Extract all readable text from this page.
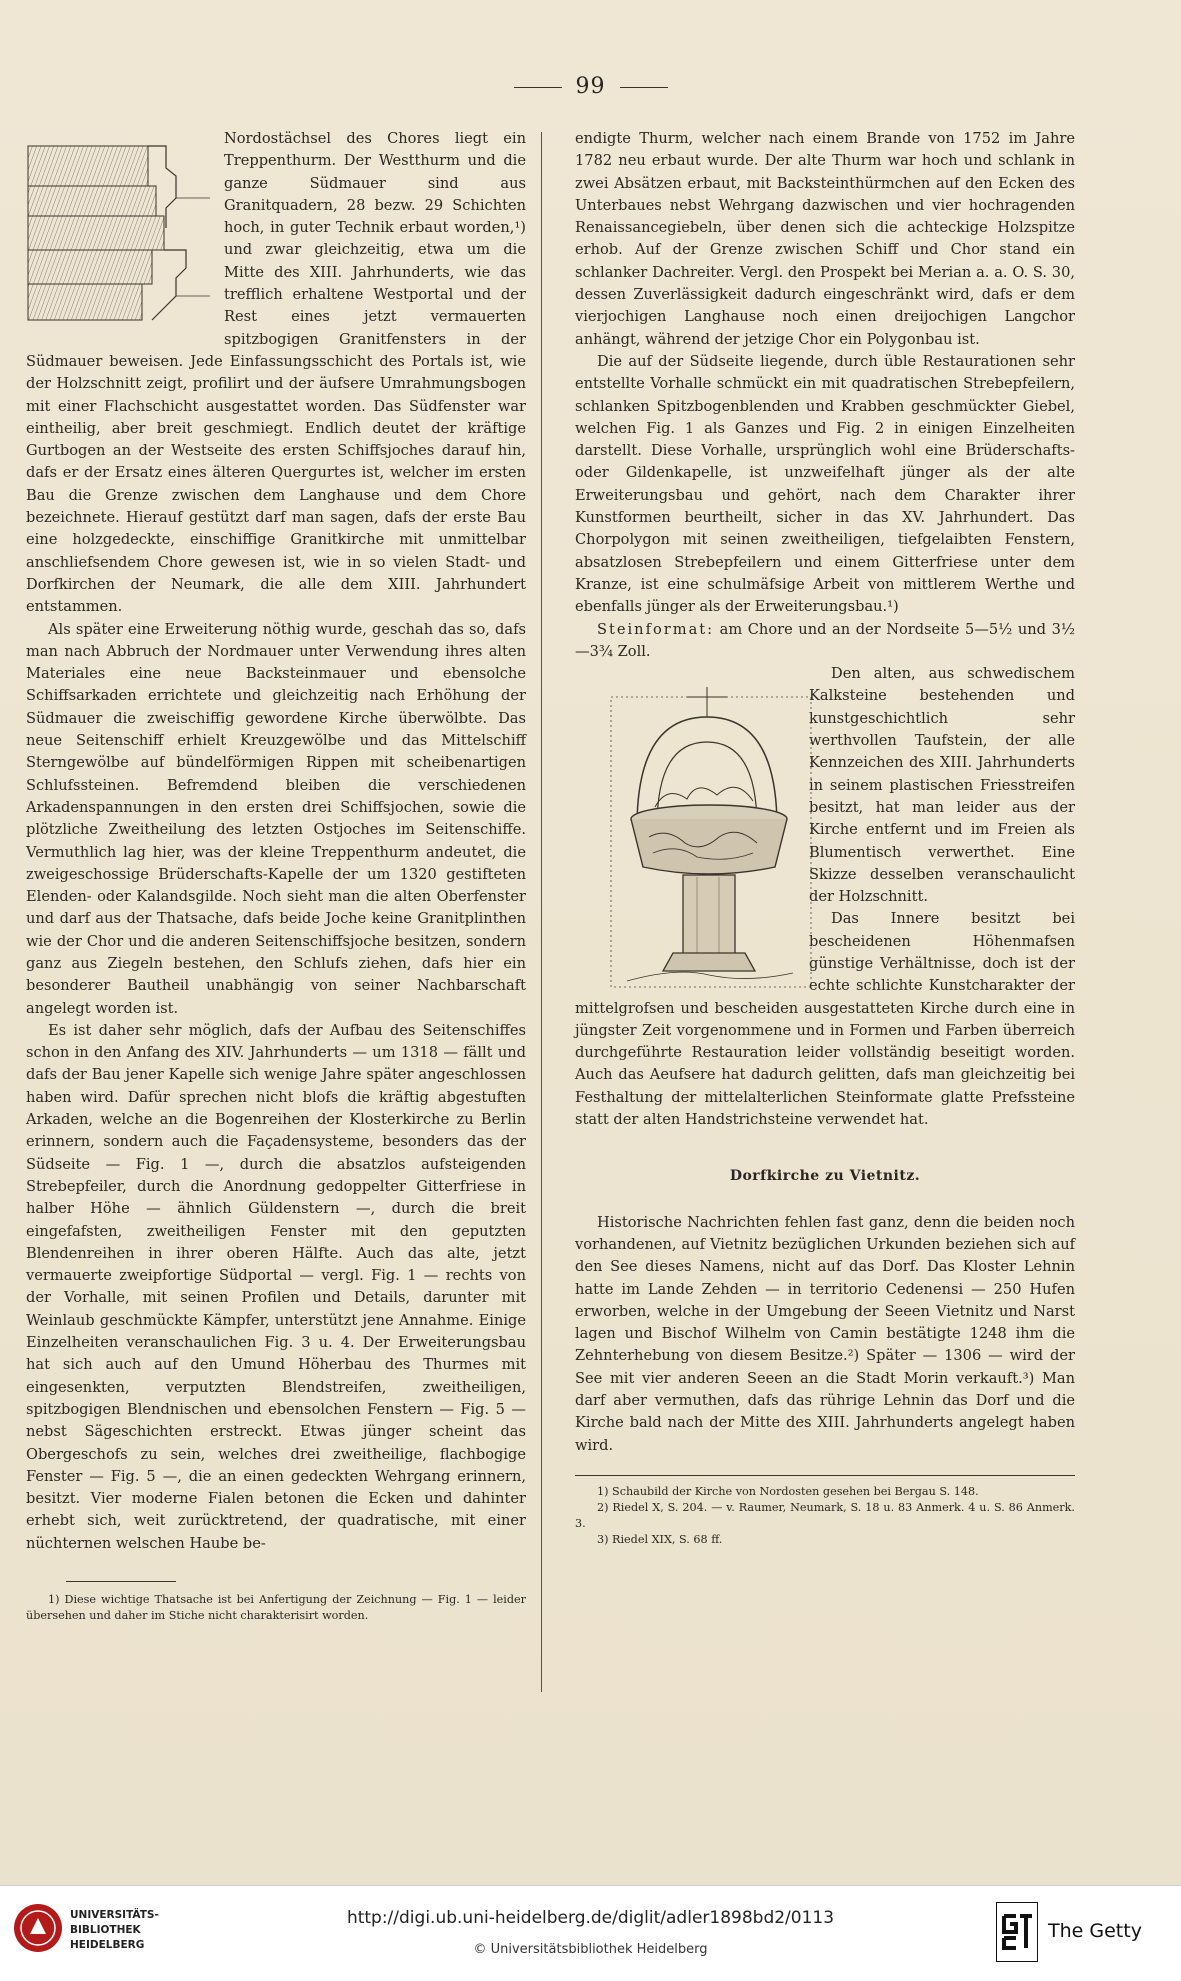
99

Nordostächsel des Chores liegt ein Treppenthurm. Der Westthurm und die ganze Südmauer sind aus Granitquadern, 28 bezw. 29 Schichten hoch, in guter Technik erbaut worden,¹) und zwar gleichzeitig, etwa um die Mitte des XIII. Jahrhunderts, wie das trefflich erhaltene Westportal und der Rest eines jetzt vermauerten spitzbogigen Granitfensters in der Südmauer beweisen. Jede Einfassungsschicht des Portals ist, wie der Holzschnitt zeigt, profilirt und der äufsere Umrahmungsbogen mit einer Flachschicht ausgestattet worden. Das Südfenster war eintheilig, aber breit geschmiegt. Endlich deutet der kräftige Gurtbogen an der Westseite des ersten Schiffsjoches darauf hin, dafs er der Ersatz eines älteren Quergurtes ist, welcher im ersten Bau die Grenze zwischen dem Langhause und dem Chore bezeichnete. Hierauf gestützt darf man sagen, dafs der erste Bau eine holzgedeckte, einschiffige Granitkirche mit unmittelbar anschliefsendem Chore gewesen ist, wie in so vielen Stadt- und Dorfkirchen der Neumark, die alle dem XIII. Jahrhundert entstammen.

Als später eine Erweiterung nöthig wurde, geschah das so, dafs man nach Abbruch der Nordmauer unter Verwendung ihres alten Materiales eine neue Backsteinmauer und ebensolche Schiffsarkaden errichtete und gleichzeitig nach Erhöhung der Südmauer die zweischiffig gewordene Kirche überwölbte. Das neue Seitenschiff erhielt Kreuzgewölbe und das Mittelschiff Sterngewölbe auf bündelförmigen Rippen mit scheibenartigen Schlufssteinen. Befremdend bleiben die verschiedenen Arkadenspannungen in den ersten drei Schiffsjochen, sowie die plötzliche Zweitheilung des letzten Ostjoches im Seitenschiffe. Vermuthlich lag hier, was der kleine Treppenthurm andeutet, die zweigeschossige Brüderschafts-Kapelle der um 1320 gestifteten Elenden- oder Kalandsgilde. Noch sieht man die alten Oberfenster und darf aus der Thatsache, dafs beide Joche keine Granitplinthen wie der Chor und die anderen Seitenschiffsjoche besitzen, sondern ganz aus Ziegeln bestehen, den Schlufs ziehen, dafs hier ein besonderer Bautheil unabhängig von seiner Nachbarschaft angelegt worden ist.

Es ist daher sehr möglich, dafs der Aufbau des Seitenschiffes schon in den Anfang des XIV. Jahrhunderts — um 1318 — fällt und dafs der Bau jener Kapelle sich wenige Jahre später angeschlossen haben wird. Dafür sprechen nicht blofs die kräftig abgestuften Arkaden, welche an die Bogenreihen der Klosterkirche zu Berlin erinnern, sondern auch die Façadensysteme, besonders das der Südseite — Fig. 1 —, durch die absatzlos aufsteigenden Strebepfeiler, durch die Anordnung gedoppelter Gitterfriese in halber Höhe — ähnlich Güldenstern —, durch die breit eingefafsten, zweitheiligen Fenster mit den geputzten Blendenreihen in ihrer oberen Hälfte. Auch das alte, jetzt vermauerte zweipfortige Südportal — vergl. Fig. 1 — rechts von der Vorhalle, mit seinen Profilen und Details, darunter mit Weinlaub geschmückte Kämpfer, unterstützt jene Annahme. Einige Einzelheiten veranschaulichen Fig. 3 u. 4. Der Erweiterungsbau hat sich auch auf den Umund Höherbau des Thurmes mit eingesenkten, verputzten Blendstreifen, zweitheiligen, spitzbogigen Blendnischen und ebensolchen Fenstern — Fig. 5 — nebst Sägeschichten erstreckt. Etwas jünger scheint das Obergeschofs zu sein, welches drei zweitheilige, flachbogige Fenster — Fig. 5 —, die an einen gedeckten Wehrgang erinnern, besitzt. Vier moderne Fialen betonen die Ecken und dahinter erhebt sich, weit zurücktretend, der quadratische, mit einer nüchternen welschen Haube be-

1) Diese wichtige Thatsache ist bei Anfertigung der Zeichnung — Fig. 1 — leider übersehen und daher im Stiche nicht charakterisirt worden.

endigte Thurm, welcher nach einem Brande von 1752 im Jahre 1782 neu erbaut wurde. Der alte Thurm war hoch und schlank in zwei Absätzen erbaut, mit Backsteinthürmchen auf den Ecken des Unterbaues nebst Wehrgang dazwischen und vier hochragenden Renaissancegiebeln, über denen sich die achteckige Holzspitze erhob. Auf der Grenze zwischen Schiff und Chor stand ein schlanker Dachreiter. Vergl. den Prospekt bei Merian a. a. O. S. 30, dessen Zuverlässigkeit dadurch eingeschränkt wird, dafs er dem vierjochigen Langhause noch einen dreijochigen Langchor anhängt, während der jetzige Chor ein Polygonbau ist.

Die auf der Südseite liegende, durch üble Restaurationen sehr entstellte Vorhalle schmückt ein mit quadratischen Strebepfeilern, schlanken Spitzbogenblenden und Krabben geschmückter Giebel, welchen Fig. 1 als Ganzes und Fig. 2 in einigen Einzelheiten darstellt. Diese Vorhalle, ursprünglich wohl eine Brüderschafts- oder Gildenkapelle, ist unzweifelhaft jünger als der alte Erweiterungsbau und gehört, nach dem Charakter ihrer Kunstformen beurtheilt, sicher in das XV. Jahrhundert. Das Chorpolygon mit seinen zweitheiligen, tiefgelaibten Fenstern, absatzlosen Strebepfeilern und einem Gitterfriese unter dem Kranze, ist eine schulmäfsige Arbeit von mittlerem Werthe und ebenfalls jünger als der Erweiterungsbau.¹)

Steinformat: am Chore und an der Nordseite 5—5½ und 3½—3¾ Zoll.

Den alten, aus schwedischem Kalksteine bestehenden und kunstgeschichtlich sehr werthvollen Taufstein, der alle Kennzeichen des XIII. Jahrhunderts in seinem plastischen Friesstreifen besitzt, hat man leider aus der Kirche entfernt und im Freien als Blumentisch verwerthet. Eine Skizze desselben veranschaulicht der Holzschnitt.

Das Innere besitzt bei bescheidenen Höhenmafsen günstige Verhältnisse, doch ist der echte schlichte Kunstcharakter der mittelgrofsen und bescheiden ausgestatteten Kirche durch eine in jüngster Zeit vorgenommene und in Formen und Farben überreich durchgeführte Restauration leider vollständig beseitigt worden. Auch das Aeufsere hat dadurch gelitten, dafs man gleichzeitig bei Festhaltung der mittelalterlichen Steinformate glatte Prefssteine statt der alten Handstrichsteine verwendet hat.

Dorfkirche zu Vietnitz.

Historische Nachrichten fehlen fast ganz, denn die beiden noch vorhandenen, auf Vietnitz bezüglichen Urkunden beziehen sich auf den See dieses Namens, nicht auf das Dorf. Das Kloster Lehnin hatte im Lande Zehden — in territorio Cedenensi — 250 Hufen erworben, welche in der Umgebung der Seeen Vietnitz und Narst lagen und Bischof Wilhelm von Camin bestätigte 1248 ihm die Zehnterhebung von diesem Besitze.²) Später — 1306 — wird der See mit vier anderen Seeen an die Stadt Morin verkauft.³) Man darf aber vermuthen, dafs das rührige Lehnin das Dorf und die Kirche bald nach der Mitte des XIII. Jahrhunderts angelegt haben wird.

1) Schaubild der Kirche von Nordosten gesehen bei Bergau S. 148.

2) Riedel X, S. 204. — v. Raumer, Neumark, S. 18 u. 83 Anmerk. 4 u. S. 86 Anmerk. 3.

3) Riedel XIX, S. 68 ff.

UNIVERSITÄTS-
BIBLIOTHEK
HEIDELBERG
http://digi.ub.uni-heidelberg.de/diglit/adler1898bd2/0113
© Universitätsbibliothek Heidelberg
The Getty
